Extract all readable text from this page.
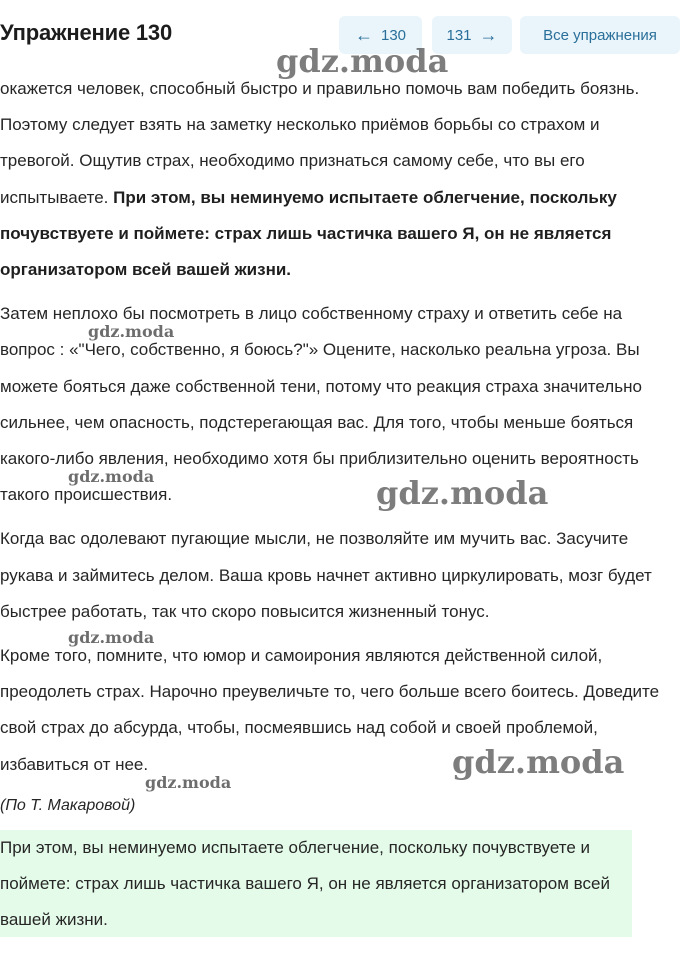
Упражнение 130	← 130	131 →	Все упражнения

окажется человек, способный быстро и правильно помочь вам победить боязнь. Поэтому следует взять на заметку несколько приёмов борьбы со страхом и тревогой. Ощутив страх, необходимо признаться самому себе, что вы его испытываете. При этом, вы неминуемо испытаете облегчение, поскольку почувствуете и поймете: страх лишь частичка вашего Я, он не является организатором всей вашей жизни.

Затем неплохо бы посмотреть в лицо собственному страху и ответить себе на вопрос : «"Чего, собственно, я боюсь?"» Оцените, насколько реальна угроза. Вы можете бояться даже собственной тени, потому что реакция страха значительно сильнее, чем опасность, подстерегающая вас. Для того, чтобы меньше бояться какого-либо явления, необходимо хотя бы приблизительно оценить вероятность такого происшествия.

Когда вас одолевают пугающие мысли, не позволяйте им мучить вас. Засучите рукава и займитесь делом. Ваша кровь начнет активно циркулировать, мозг будет быстрее работать, так что скоро повысится жизненный тонус.

Кроме того, помните, что юмор и самоирония являются действенной силой, преодолеть страх. Нарочно преувеличьте то, чего больше всего боитесь. Доведите свой страх до абсурда, чтобы, посмеявшись над собой и своей проблемой, избавиться от нее.

(По Т. Макаровой)
При этом, вы неминуемо испытаете облегчение, поскольку почувствуете и поймете: страх лишь частичка вашего Я, он не является организатором всей вашей жизни.
gdz.moda
gdz.moda
gdz.moda	gdz.moda
gdz.moda
gdz.moda
gdz.moda
